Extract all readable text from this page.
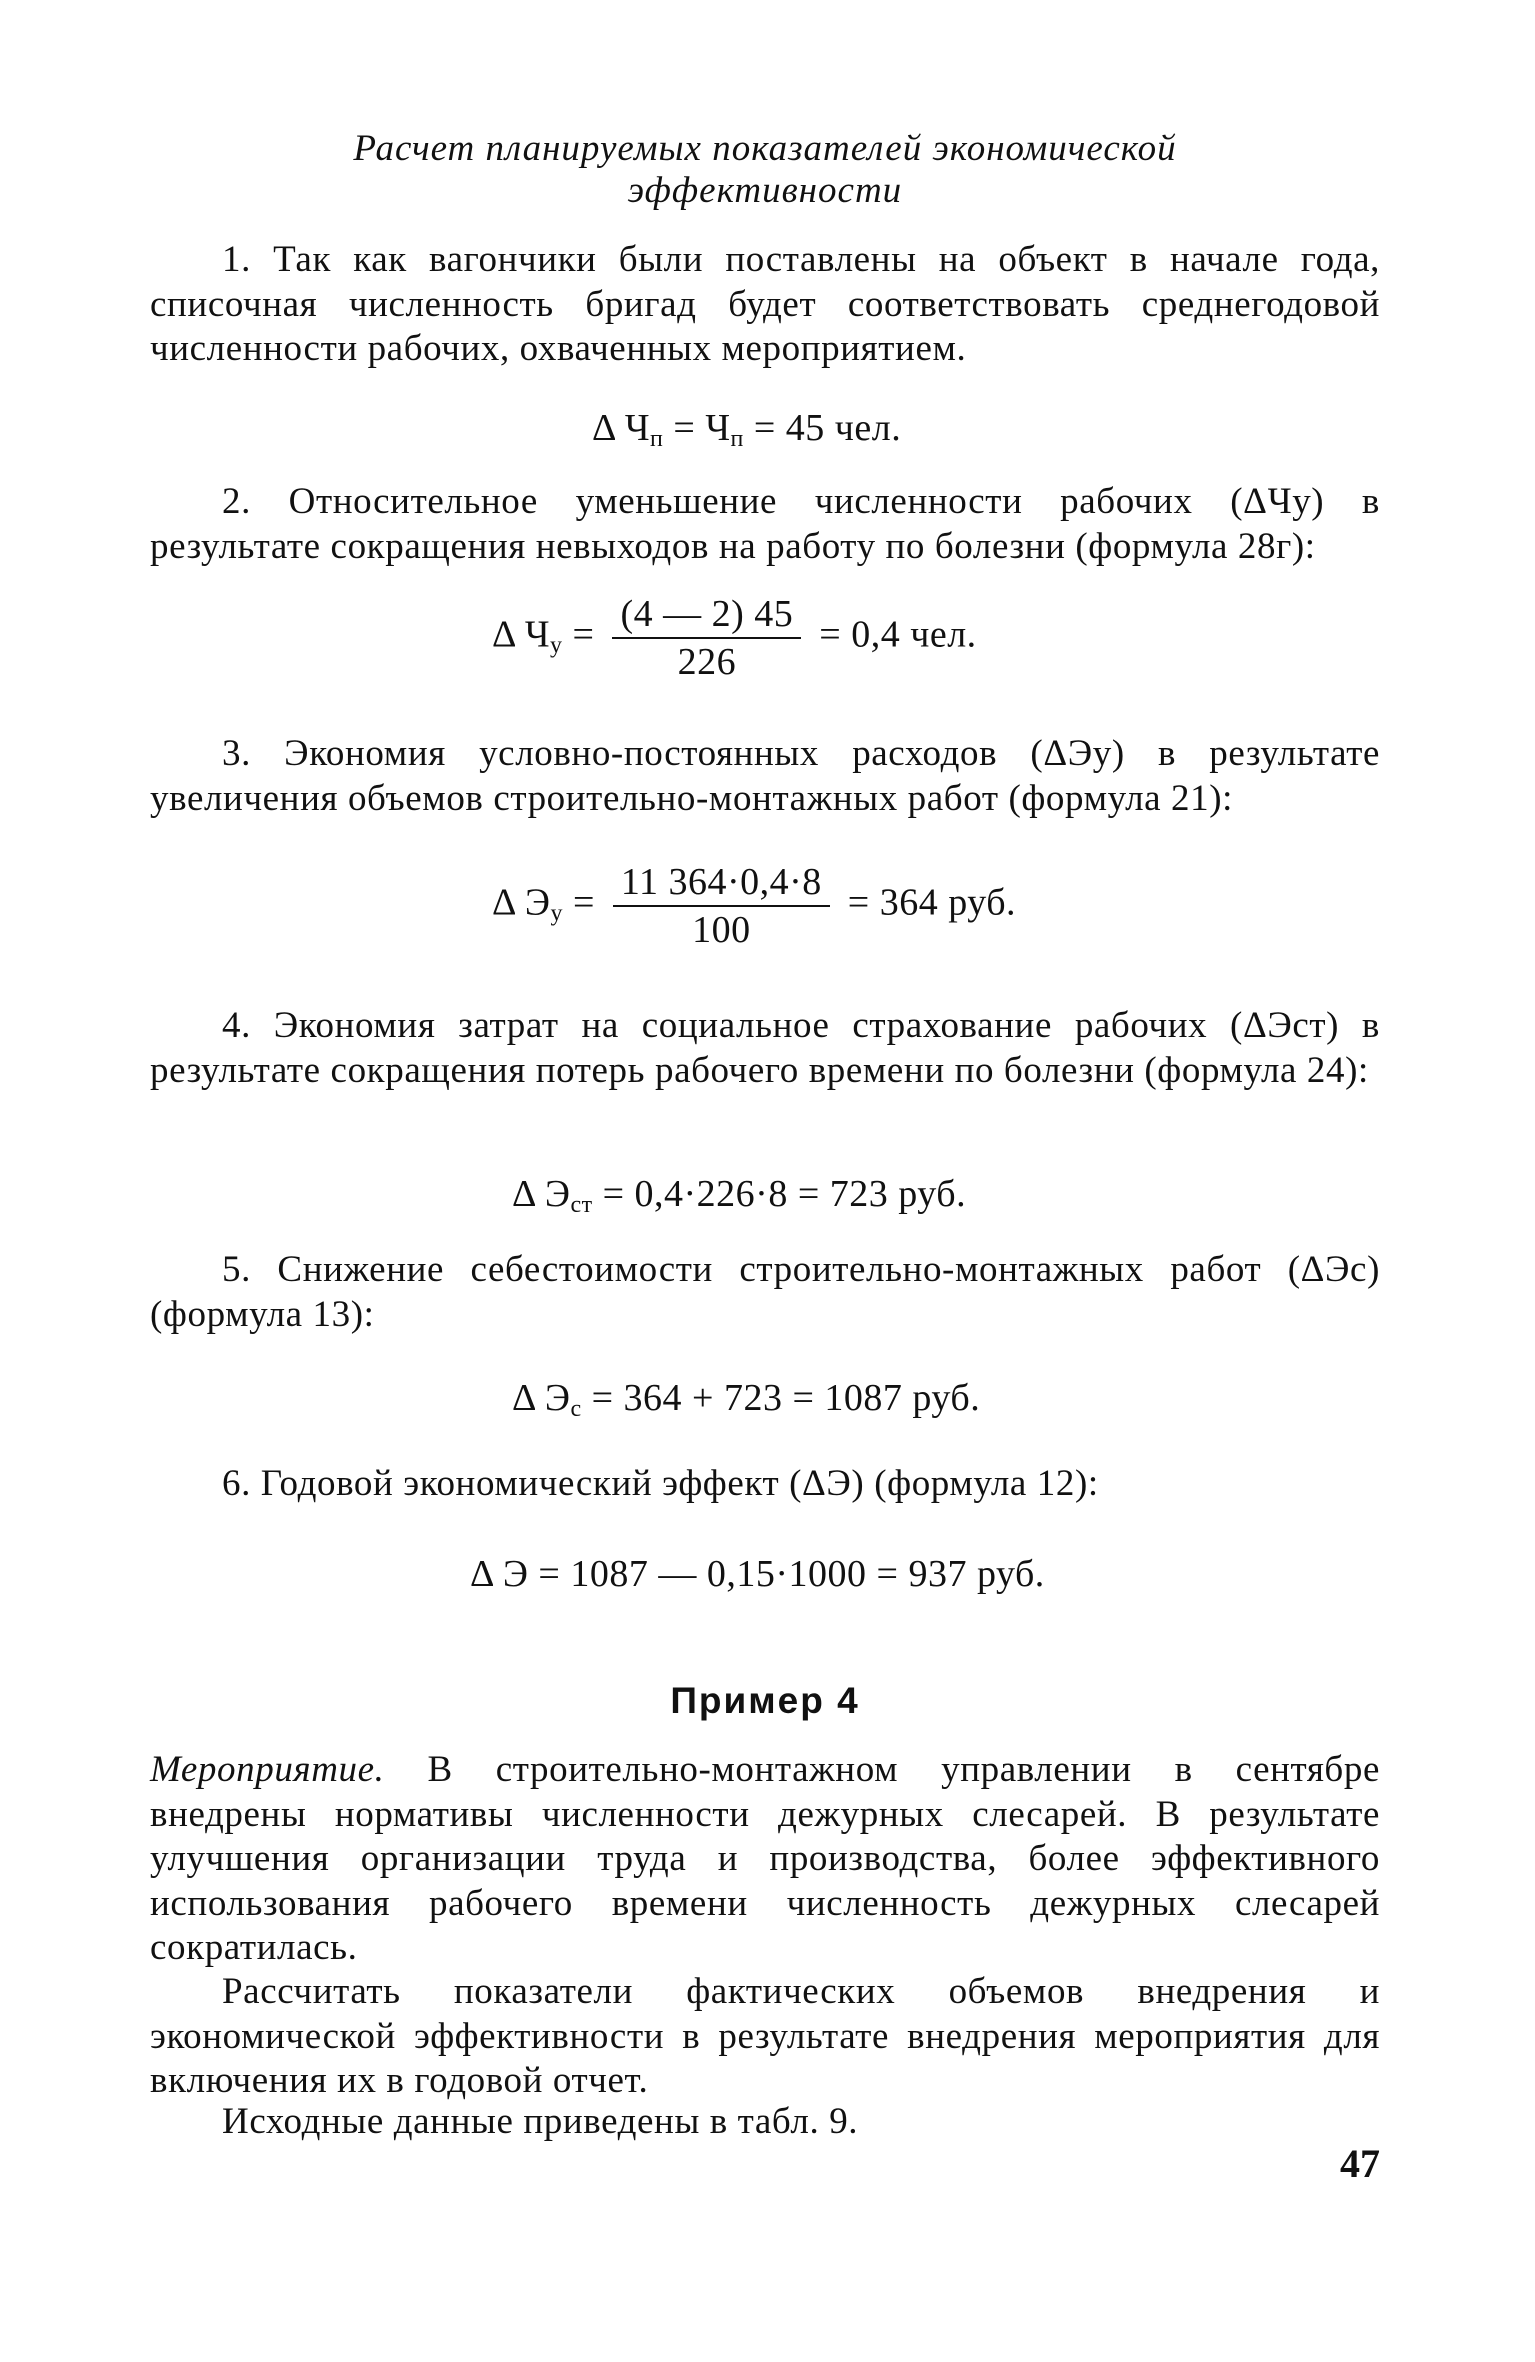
Расчет планируемых показателей экономической
эффективности
1. Так как вагончики были поставлены на объект в начале года, списочная численность бригад будет соответствовать среднегодовой численности рабочих, охваченных мероприятием.
Δ $Ч_п = Ч_п = 45$ чел.
2. Относительное уменьшение численности рабочих (ΔЧу) в результате сокращения невыходов на работу по болезни (формула 28г):
Δ $Ч_у = \frac{(4 — 2) 45}{226} = 0,4$ чел.
3. Экономия условно-постоянных расходов (ΔЭу) в результате увеличения объемов строительно-монтажных работ (формула 21):
Δ $Э_у = \frac{11 364\cdot 0,4\cdot 8}{100} = 364$ руб.
4. Экономия затрат на социальное страхование рабочих (ΔЭст) в результате сокращения потерь рабочего времени по болезни (формула 24):
Δ $Э_{ст} = 0,4\cdot 226\cdot 8 = 723$ руб.
5. Снижение себестоимости строительно-монтажных работ (ΔЭс) (формула 13):
Δ $Э_с = 364 + 723 = 1087$ руб.
6. Годовой экономический эффект (ΔЭ) (формула 12):
Δ Э = 1087 — 0,15·1000 = 937 руб.
Пример 4
Мероприятие. В строительно-монтажном управлении в сентябре внедрены нормативы численности дежурных слесарей. В результате улучшения организации труда и производства, более эффективного использования рабочего времени численность дежурных слесарей сократилась.
Рассчитать показатели фактических объемов внедрения и экономической эффективности в результате внедрения мероприятия для включения их в годовой отчет.
Исходные данные приведены в табл. 9.
47
